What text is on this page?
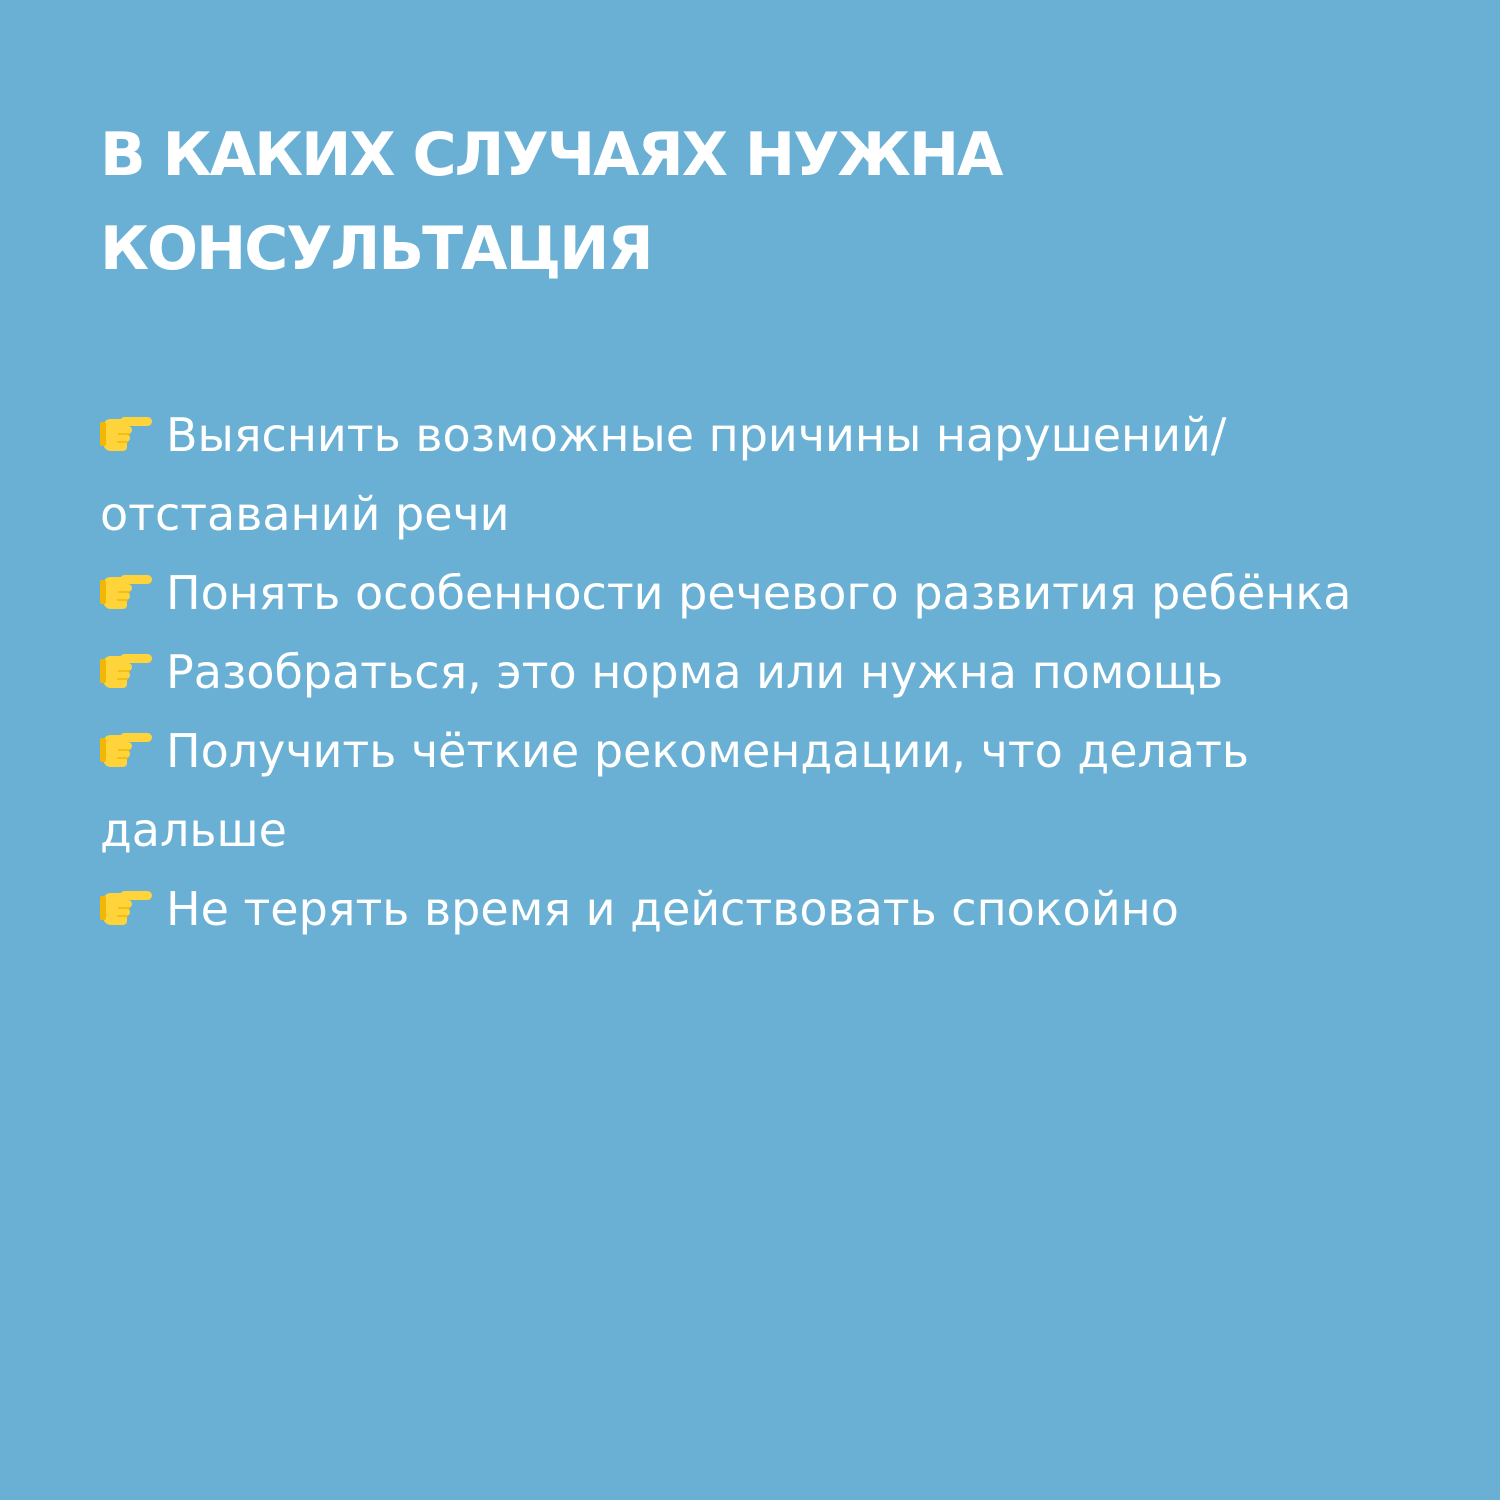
В КАКИХ СЛУЧАЯХ НУЖНА
КОНСУЛЬТАЦИЯ
Выяснить возможные причины нарушений/ отставаний речи
Понять особенности речевого развития ребёнка
Разобраться, это норма или нужна помощь
Получить чёткие рекомендации, что делать дальше
Не терять время и действовать спокойно
